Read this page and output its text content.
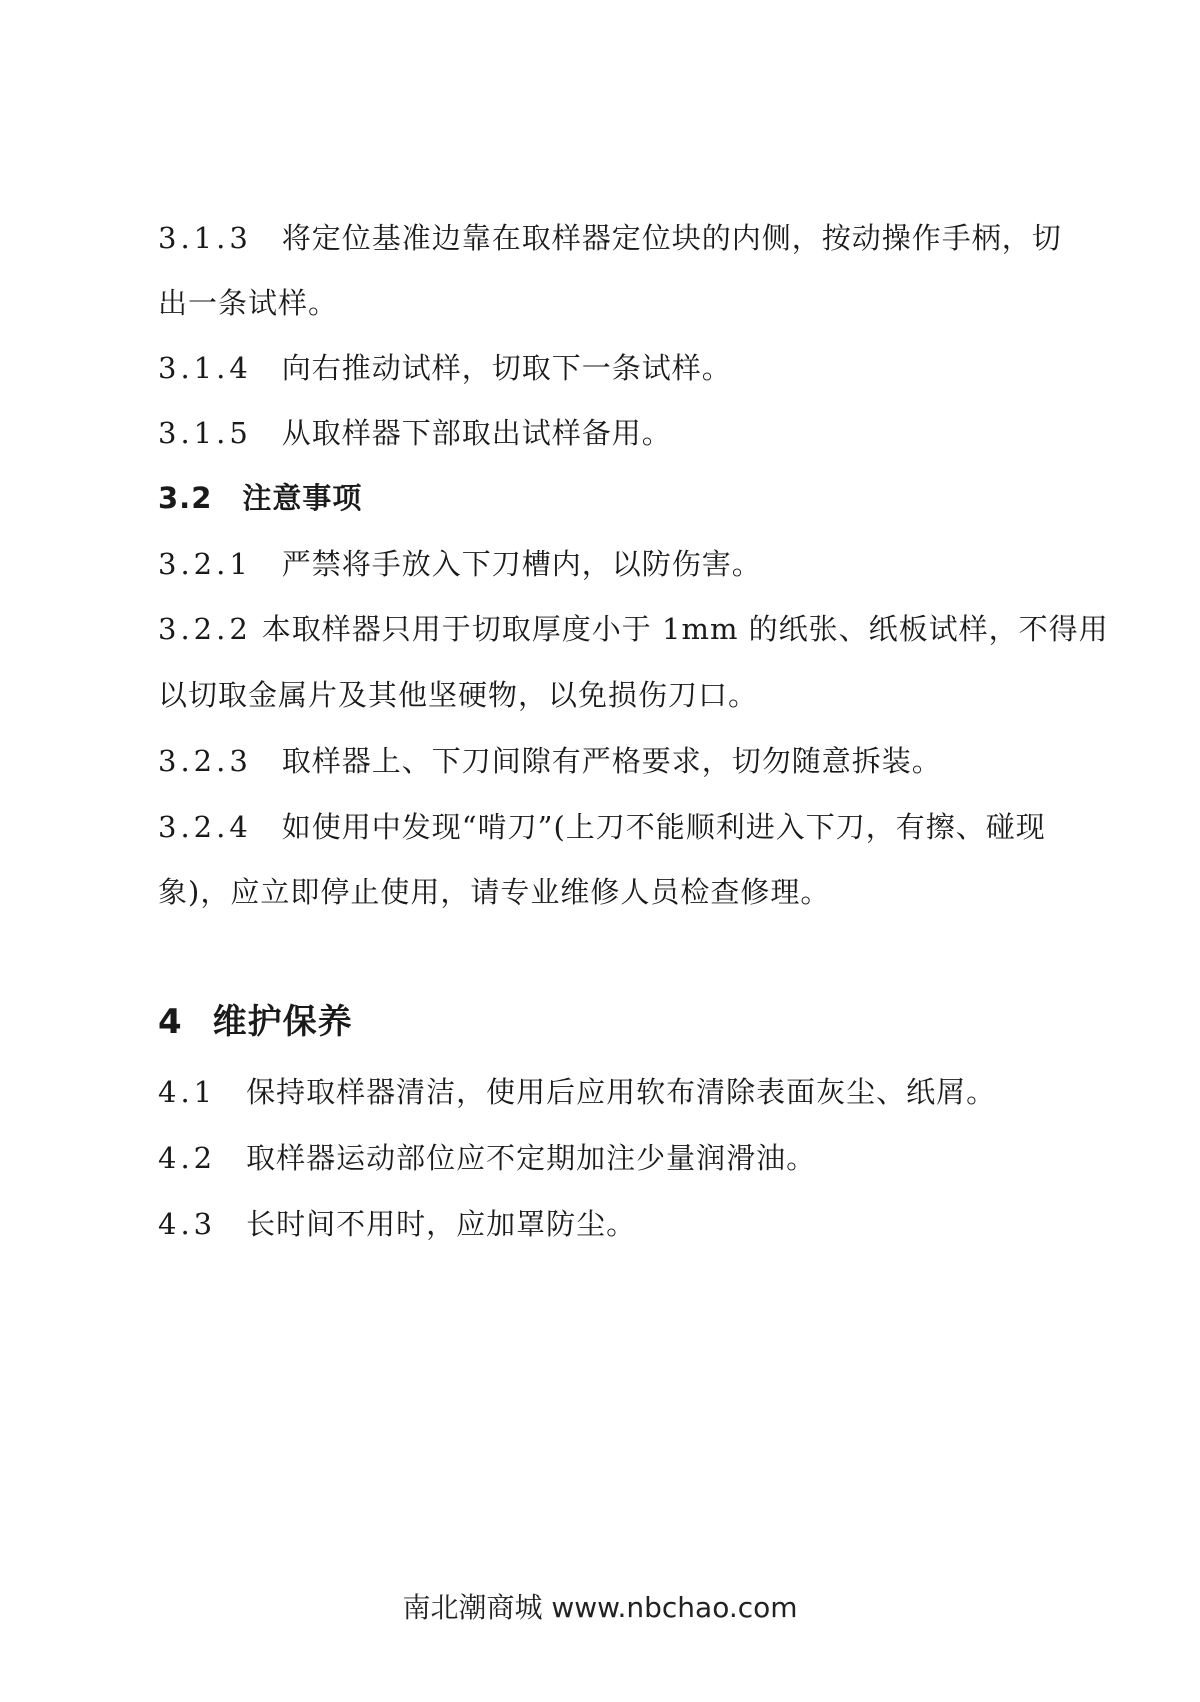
3.1.3 将定位基准边靠在取样器定位块的内侧，按动操作手柄，切
出一条试样。
3.1.4 向右推动试样，切取下一条试样。
3.1.5 从取样器下部取出试样备用。
3.2 注意事项
3.2.1 严禁将手放入下刀槽内，以防伤害。
3.2.2 本取样器只用于切取厚度小于 1mm 的纸张、纸板试样，不得用
以切取金属片及其他坚硬物，以免损伤刀口。
3.2.3 取样器上、下刀间隙有严格要求，切勿随意拆装。
3.2.4 如使用中发现“啃刀”(上刀不能顺利进入下刀，有擦、碰现
象)，应立即停止使用，请专业维修人员检查修理。
4 维护保养
4.1 保持取样器清洁，使用后应用软布清除表面灰尘、纸屑。
4.2 取样器运动部位应不定期加注少量润滑油。
4.3 长时间不用时，应加罩防尘。
南北潮商城 www.nbchao.com
